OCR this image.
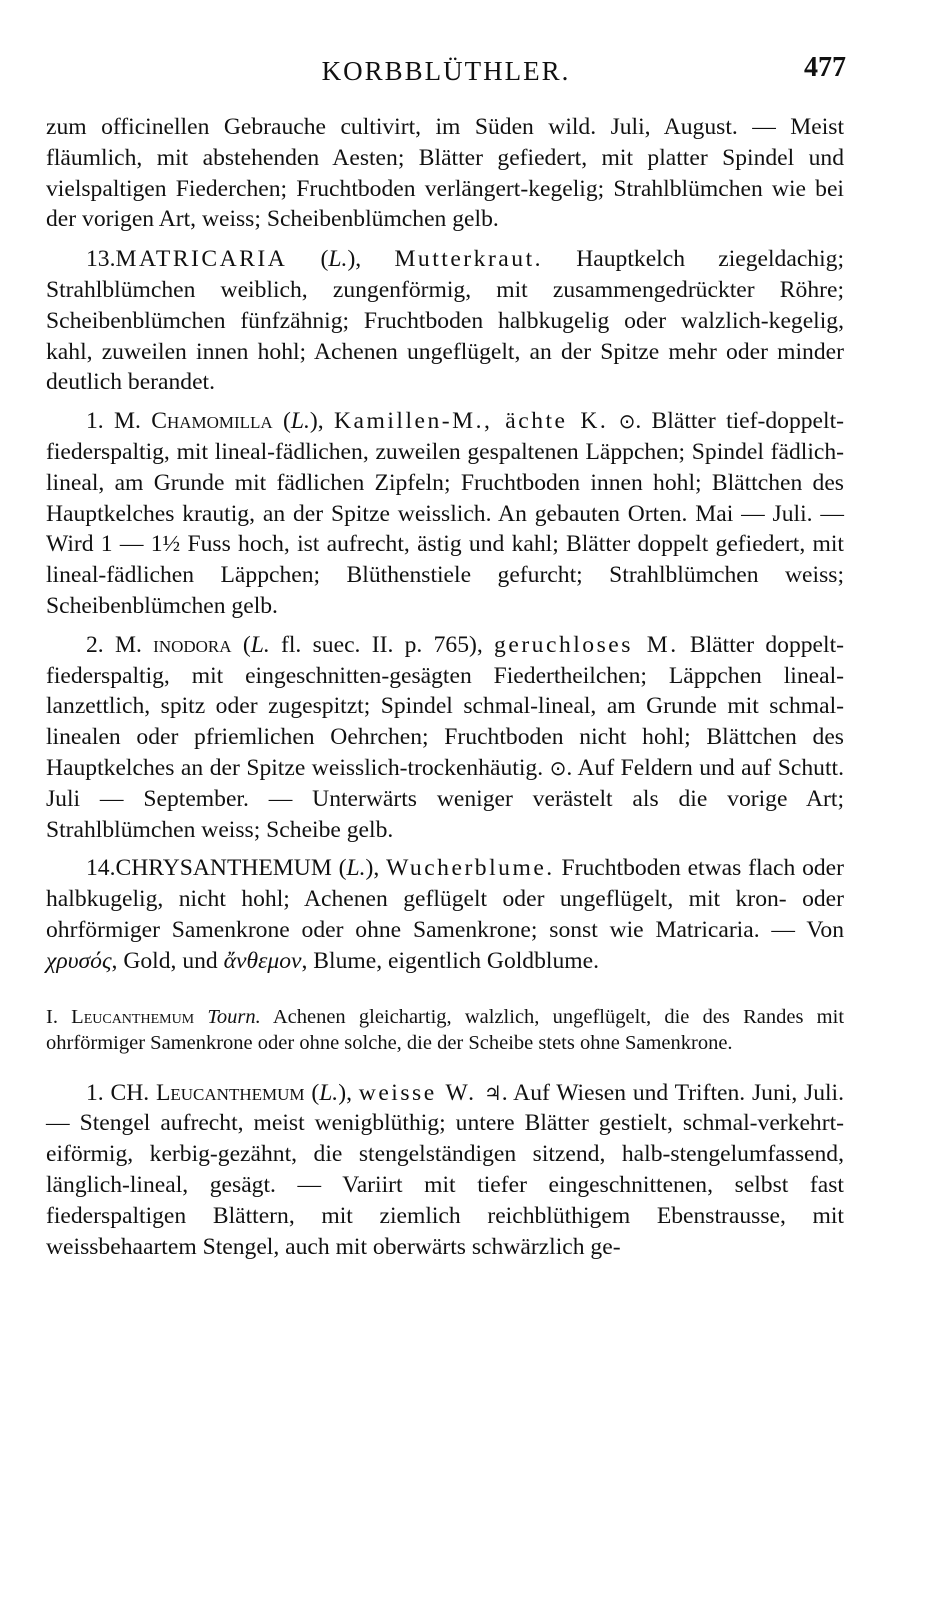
KORBBLÜTHLER.	477

zum officinellen Gebrauche cultivirt, im Süden wild. Juli, August. — Meist fläumlich, mit abstehenden Aesten; Blätter gefiedert, mit platter Spindel und vielspaltigen Fiederchen; Fruchtboden verlängert-kegelig; Strahlblümchen wie bei der vorigen Art, weiss; Scheibenblümchen gelb.

13.MATRICARIA (L.), Mutterkraut. Hauptkelch ziegeldachig; Strahlblümchen weiblich, zungenförmig, mit zusammengedrückter Röhre; Scheibenblümchen fünfzähnig; Fruchtboden halbkugelig oder walzlich-kegelig, kahl, zuweilen innen hohl; Achenen ungeflügelt, an der Spitze mehr oder minder deutlich berandet.

1. M. Chamomilla (L.), Kamillen-M., ächte K. ⊙. Blätter tief-doppelt-fiederspaltig, mit lineal-fädlichen, zuweilen gespaltenen Läppchen; Spindel fädlich-lineal, am Grunde mit fädlichen Zipfeln; Fruchtboden innen hohl; Blättchen des Hauptkelches krautig, an der Spitze weisslich. An gebauten Orten. Mai — Juli. — Wird 1 — 1½ Fuss hoch, ist aufrecht, ästig und kahl; Blätter doppelt gefiedert, mit lineal-fädlichen Läppchen; Blüthenstiele gefurcht; Strahlblümchen weiss; Scheibenblümchen gelb.

2. M. inodora (L. fl. suec. II. p. 765), geruchloses M. Blätter doppelt-fiederspaltig, mit eingeschnitten-gesägten Fiedertheilchen; Läppchen lineal-lanzettlich, spitz oder zugespitzt; Spindel schmal-lineal, am Grunde mit schmal-linealen oder pfriemlichen Oehrchen; Fruchtboden nicht hohl; Blättchen des Hauptkelches an der Spitze weisslich-trockenhäutig. ⊙. Auf Feldern und auf Schutt. Juli — September. — Unterwärts weniger verästelt als die vorige Art; Strahlblümchen weiss; Scheibe gelb.

14.CHRYSANTHEMUM (L.), Wucherblume. Fruchtboden etwas flach oder halbkugelig, nicht hohl; Achenen geflügelt oder ungeflügelt, mit kron- oder ohrförmiger Samenkrone oder ohne Samenkrone; sonst wie Matricaria. — Von χρυσός, Gold, und ἄνθεμον, Blume, eigentlich Goldblume.

I. Leucanthemum Tourn. Achenen gleichartig, walzlich, ungeflügelt, die des Randes mit ohrförmiger Samenkrone oder ohne solche, die der Scheibe stets ohne Samenkrone.

1. CH. Leucanthemum (L.), weisse W. ♃. Auf Wiesen und Triften. Juni, Juli. — Stengel aufrecht, meist wenigblüthig; untere Blätter gestielt, schmal-verkehrt-eiförmig, kerbig-gezähnt, die stengelständigen sitzend, halb-stengelumfassend, länglich-lineal, gesägt. — Variirt mit tiefer eingeschnittenen, selbst fast fiederspaltigen Blättern, mit ziemlich reichblüthigem Ebenstrausse, mit weissbehaartem Stengel, auch mit oberwärts schwärzlich ge-
